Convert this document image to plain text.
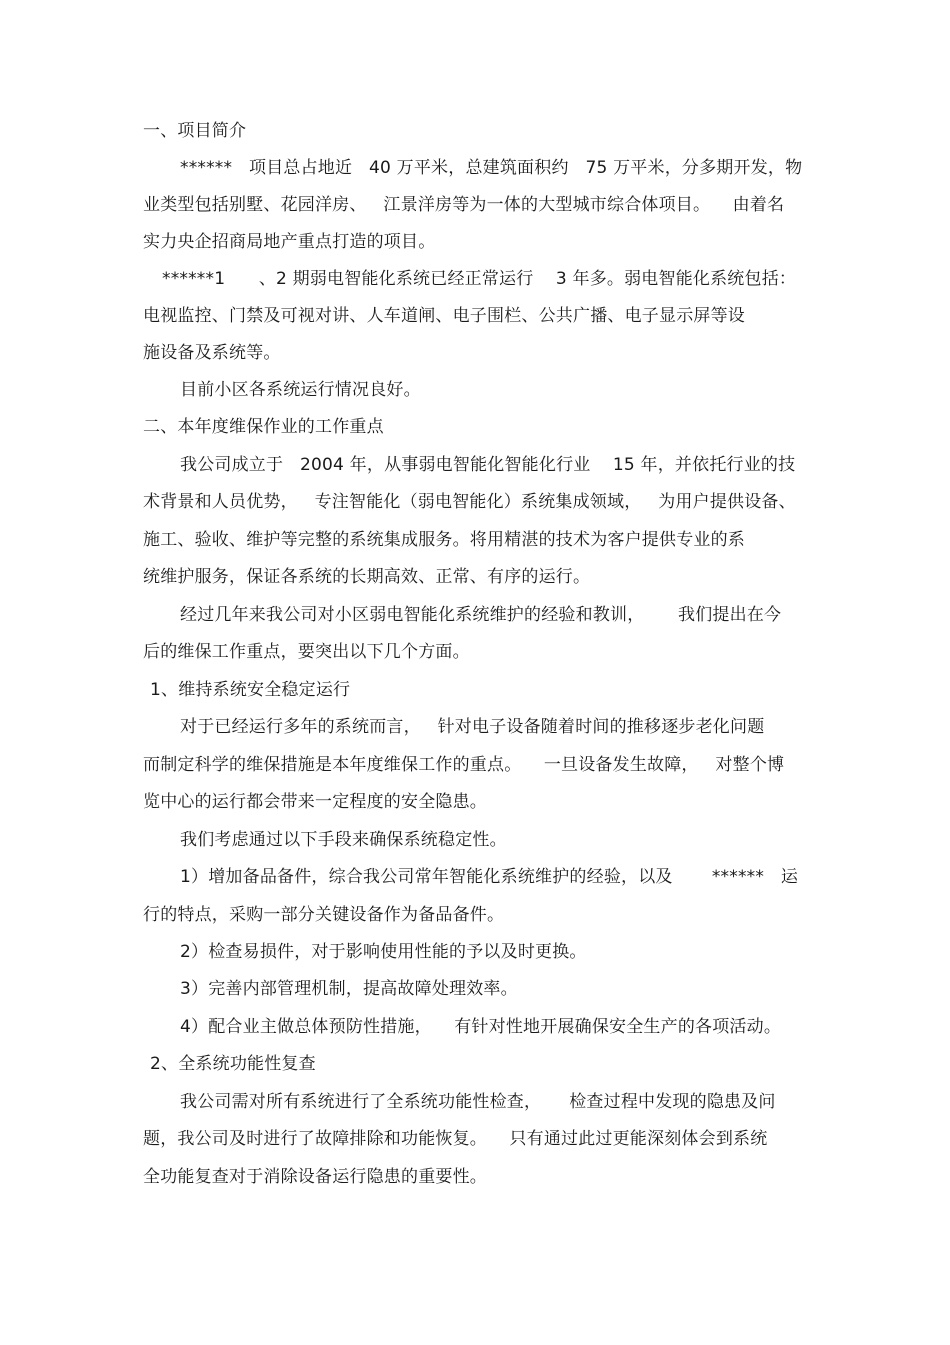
一、项目简介
******   项目总占地近   40 万平米，总建筑面积约   75 万平米，分多期开发，物
业类型包括别墅、花园洋房、   江景洋房等为一体的大型城市综合体项目。    由着名
实力央企招商局地产重点打造的项目。
******1      、2 期弱电智能化系统已经正常运行    3 年多。弱电智能化系统包括：
电视监控、门禁及可视对讲、人车道闸、电子围栏、公共广播、电子显示屏等设
施设备及系统等。
目前小区各系统运行情况良好。
二、本年度维保作业的工作重点
我公司成立于   2004 年，从事弱电智能化智能化行业    15 年，并依托行业的技
术背景和人员优势，   专注智能化（弱电智能化）系统集成领域，   为用户提供设备、
施工、验收、维护等完整的系统集成服务。将用精湛的技术为客户提供专业的系
统维护服务，保证各系统的长期高效、正常、有序的运行。
经过几年来我公司对小区弱电智能化系统维护的经验和教训，      我们提出在今
后的维保工作重点，要突出以下几个方面。
1、维持系统安全稳定运行
对于已经运行多年的系统而言，   针对电子设备随着时间的推移逐步老化问题
而制定科学的维保措施是本年度维保工作的重点。    一旦设备发生故障，   对整个博
览中心的运行都会带来一定程度的安全隐患。
我们考虑通过以下手段来确保系统稳定性。
1）增加备品备件，综合我公司常年智能化系统维护的经验，以及       ******   运
行的特点，采购一部分关键设备作为备品备件。
2）检查易损件，对于影响使用性能的予以及时更换。
3）完善内部管理机制，提高故障处理效率。
4）配合业主做总体预防性措施，    有针对性地开展确保安全生产的各项活动。
2、全系统功能性复查
我公司需对所有系统进行了全系统功能性检查，     检查过程中发现的隐患及问
题，我公司及时进行了故障排除和功能恢复。    只有通过此过更能深刻体会到系统
全功能复查对于消除设备运行隐患的重要性。
